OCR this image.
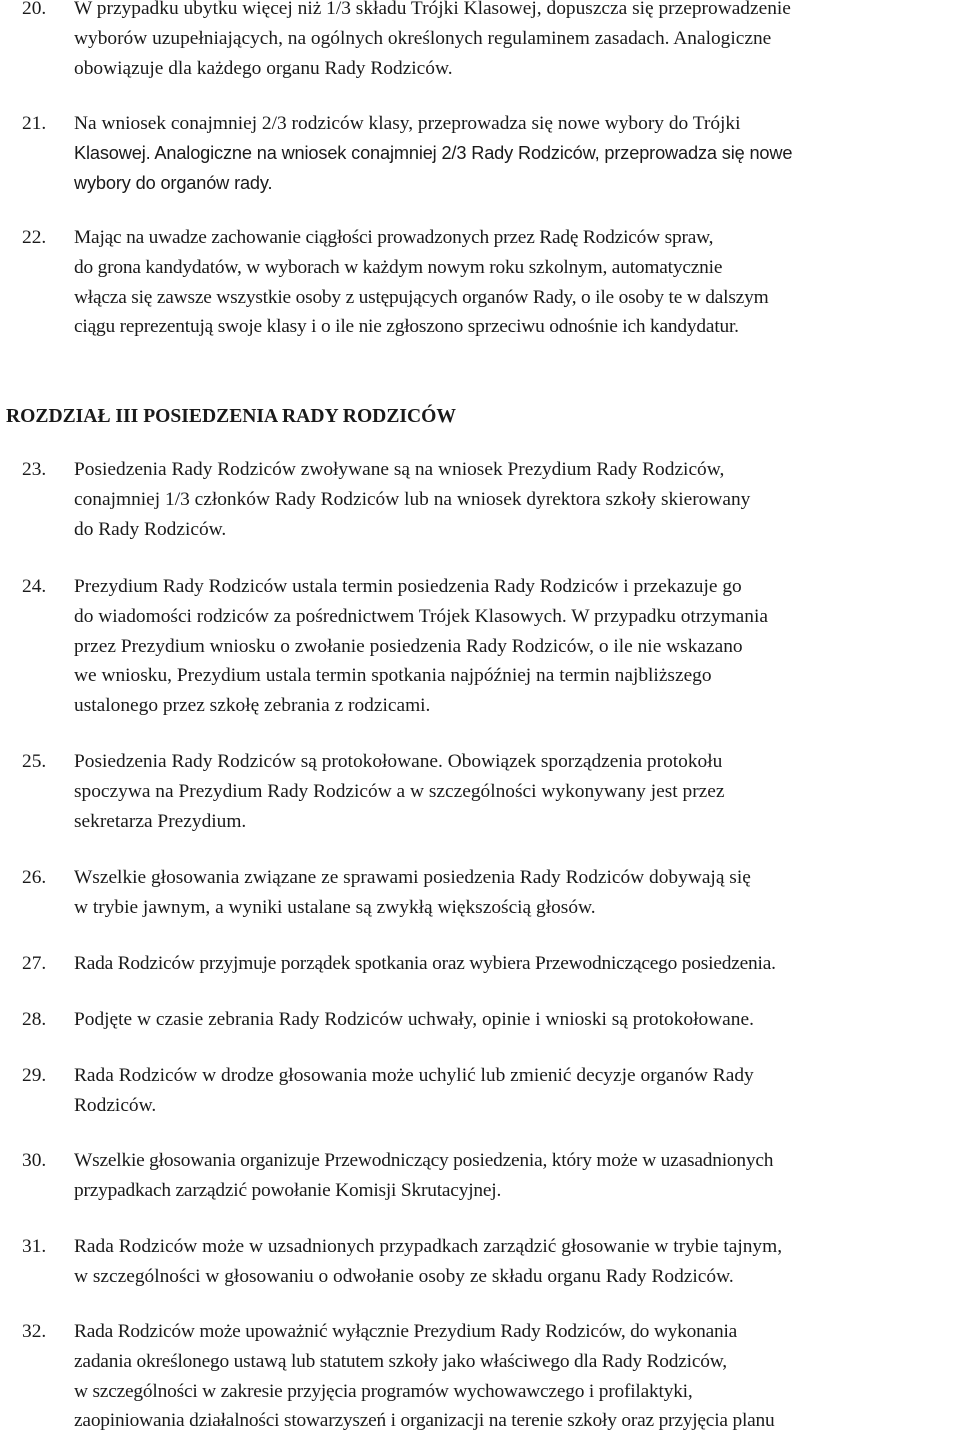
20.	W przypadku ubytku więcej niż 1/3 składu Trójki Klasowej, dopuszcza się przeprowadzenie
wyborów uzupełniających, na ogólnych określonych regulaminem zasadach. Analogiczne
obowiązuje dla każdego organu Rady Rodziców.
21.	Na wniosek conajmniej 2/3 rodziców klasy, przeprowadza się nowe wybory do Trójki
Klasowej. Analogiczne na wniosek conajmniej 2/3 Rady Rodziców, przeprowadza się nowe
wybory do organów rady.
22.	Mając na uwadze zachowanie ciągłości prowadzonych przez Radę Rodziców spraw,
do grona kandydatów, w wyborach w każdym nowym roku szkolnym, automatycznie
włącza się zawsze wszystkie osoby z ustępujących organów Rady, o ile osoby te w dalszym
ciągu reprezentują swoje klasy i o ile nie zgłoszono sprzeciwu odnośnie ich kandydatur.
ROZDZIAŁ III POSIEDZENIA RADY RODZICÓW
23.	Posiedzenia Rady Rodziców zwoływane są na wniosek Prezydium Rady Rodziców,
conajmniej 1/3 członków Rady Rodziców lub na wniosek dyrektora szkoły skierowany
do Rady Rodziców.
24.	Prezydium Rady Rodziców ustala termin posiedzenia Rady Rodziców i przekazuje go
do wiadomości rodziców za pośrednictwem Trójek Klasowych. W przypadku otrzymania
przez Prezydium wniosku o zwołanie posiedzenia Rady Rodziców, o ile nie wskazano
we wniosku, Prezydium ustala termin spotkania najpóźniej na termin najbliższego
ustalonego przez szkołę zebrania z rodzicami.
25.	Posiedzenia Rady Rodziców są protokołowane. Obowiązek sporządzenia protokołu
spoczywa na Prezydium Rady Rodziców a w szczególności wykonywany jest przez
sekretarza Prezydium.
26.	Wszelkie głosowania związane ze sprawami posiedzenia Rady Rodziców dobywają się
w trybie jawnym, a wyniki ustalane są zwykłą większością głosów.
27.	Rada Rodziców przyjmuje porządek spotkania oraz wybiera Przewodniczącego posiedzenia.
28.	Podjęte w czasie zebrania Rady Rodziców uchwały, opinie i wnioski są protokołowane.
29.	Rada Rodziców w drodze głosowania może uchylić lub zmienić decyzje organów Rady
Rodziców.
30.	Wszelkie głosowania organizuje Przewodniczący posiedzenia, który może w uzasadnionych
przypadkach zarządzić powołanie Komisji Skrutacyjnej.
31.	Rada Rodziców może w uzsadnionych przypadkach zarządzić głosowanie w trybie tajnym,
w szczególności w głosowaniu o odwołanie osoby ze składu organu Rady Rodziców.
32.	Rada Rodziców może upoważnić wyłącznie Prezydium Rady Rodziców, do wykonania
zadania określonego ustawą lub statutem szkoły jako właściwego dla Rady Rodziców,
w szczególności w zakresie przyjęcia programów wychowawczego i profilaktyki,
zaopiniowania działalności stowarzyszeń i organizacji na terenie szkoły oraz przyjęcia planu
